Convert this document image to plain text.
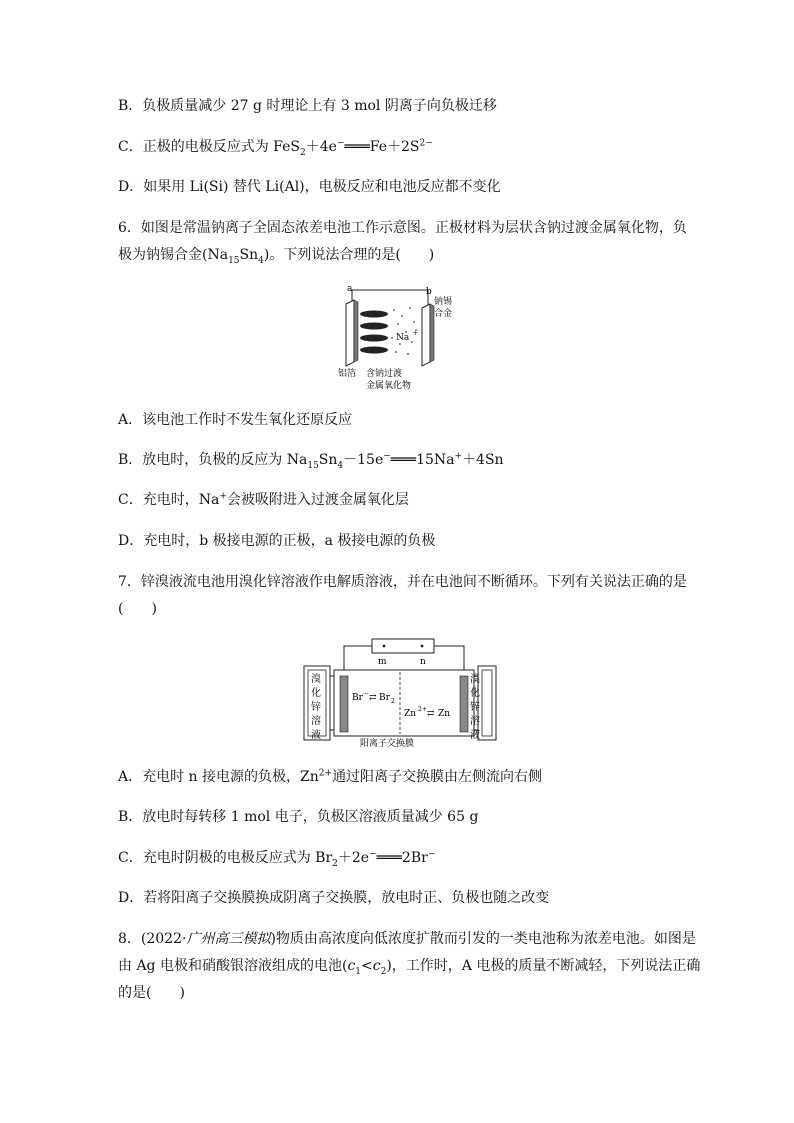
B．负极质量减少 27 g 时理论上有 3 mol 阴离子向负极迁移
C．正极的电极反应式为 $FeS_2+4e^-═══Fe+2S^{2-}$
D．如果用 Li(Si) 替代 Li(Al)，电极反应和电池反应都不变化
6．如图是常温钠离子全固态浓差电池工作示意图。正极材料为层状含钠过渡金属氧化物，负
极为钠锡合金$(Na_{15}Sn_4)$。下列说法合理的是(　　)
a	b
钠锡
合金
Na +
铝箔 含钠过渡
金属氧化物
A．该电池工作时不发生氧化还原反应
B．放电时，负极的反应为 $Na_{15}Sn_4-15e^-═══15Na^++4Sn$
C．充电时，Na+会被吸附进入过渡金属氧化层
D．充电时，b 极接电源的正极，a 极接电源的负极
7．锌溴液流电池用溴化锌溶液作电解质溶液，并在电池间不断循环。下列有关说法正确的是
(　　)
m	n
溴
化
锌
溶
液
溴
化
锌
溶
液
Br − ⇄ Br 2
Zn 2+ ⇄ Zn
阳离子交换膜
A．充电时 n 接电源的负极，$Zn^{2+}$通过阳离子交换膜由左侧流向右侧
B．放电时每转移 1 mol 电子，负极区溶液质量减少 65 g
C．充电时阴极的电极反应式为 $Br_2+2e^-═══2Br^-$
D．若将阳离子交换膜换成阴离子交换膜，放电时正、负极也随之改变
8．(2022·广州高三模拟)物质由高浓度向低浓度扩散而引发的一类电池称为浓差电池。如图是
由 Ag 电极和硝酸银溶液组成的电池$(c_1<c_2)$，工作时，A 电极的质量不断减轻，下列说法正确
的是(　　)
